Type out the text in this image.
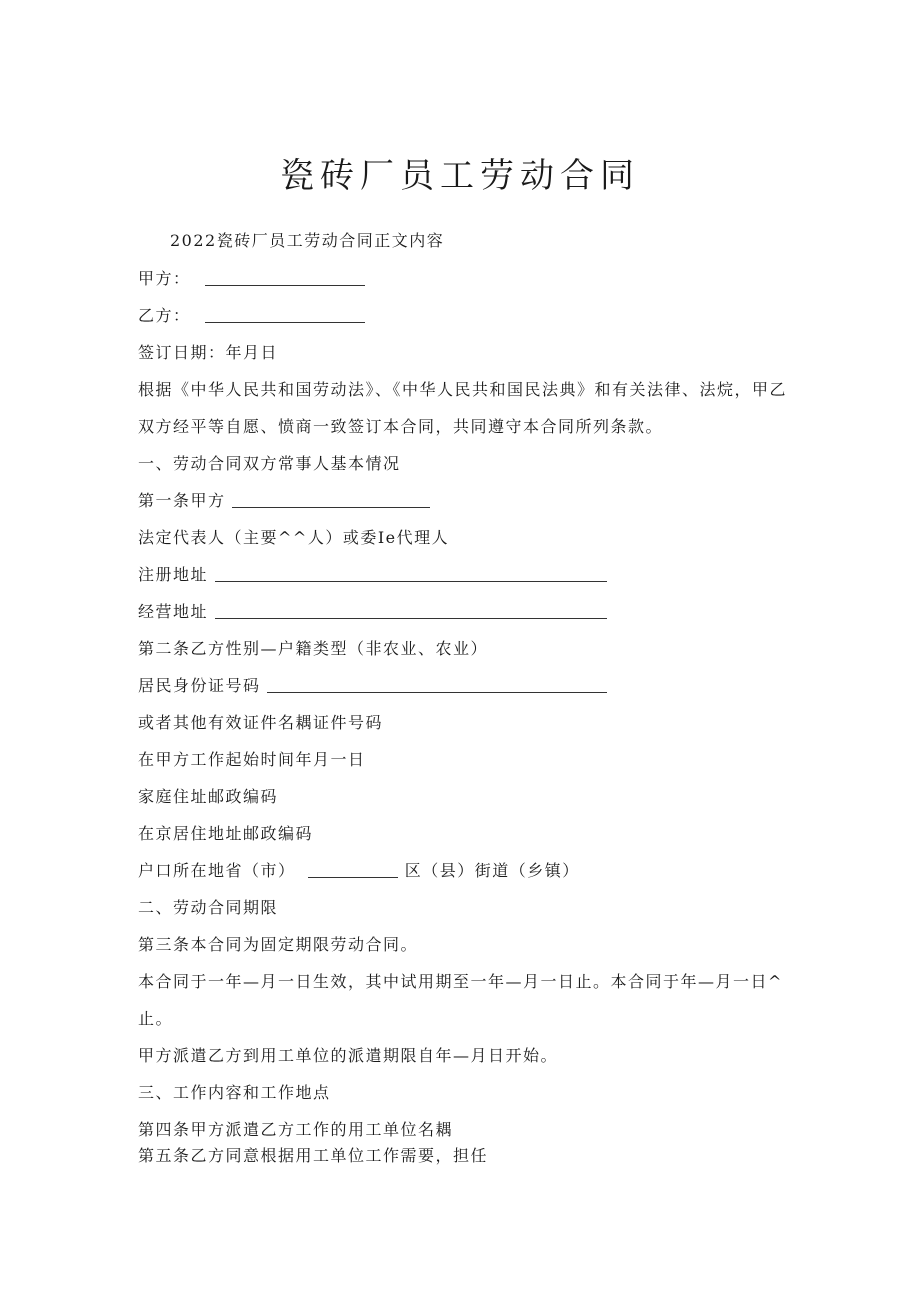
瓷砖厂员工劳动合同
2022瓷砖厂员工劳动合同正文内容
甲方：
乙方：
签订日期：年月日
根据《中华人民共和国劳动法》、《中华人民共和国民法典》和有关法律、法烷，甲乙
双方经平等自愿、愤商一致签订本合同，共同遵守本合同所列条款。
一、劳动合同双方常事人基本情况
第一条甲方
法定代表人（主要^^人）或委Ie代理人
注册地址
经营地址
第二条乙方性别—户籍类型（非农业、农业）
居民身份证号码
或者其他有效证件名耦证件号码
在甲方工作起始时间年月一日
家庭住址邮政编码
在京居住地址邮政编码
户口所在地省（市）	区（县）街道（乡镇）
二、劳动合同期限
第三条本合同为固定期限劳动合同。
本合同于一年—月一日生效，其中试用期至一年—月一日止。本合同于年—月一日^
止。
甲方派遣乙方到用工单位的派遣期限自年—月日开始。
三、工作内容和工作地点
第四条甲方派遣乙方工作的用工单位名耦
第五条乙方同意根据用工单位工作需要，担任
